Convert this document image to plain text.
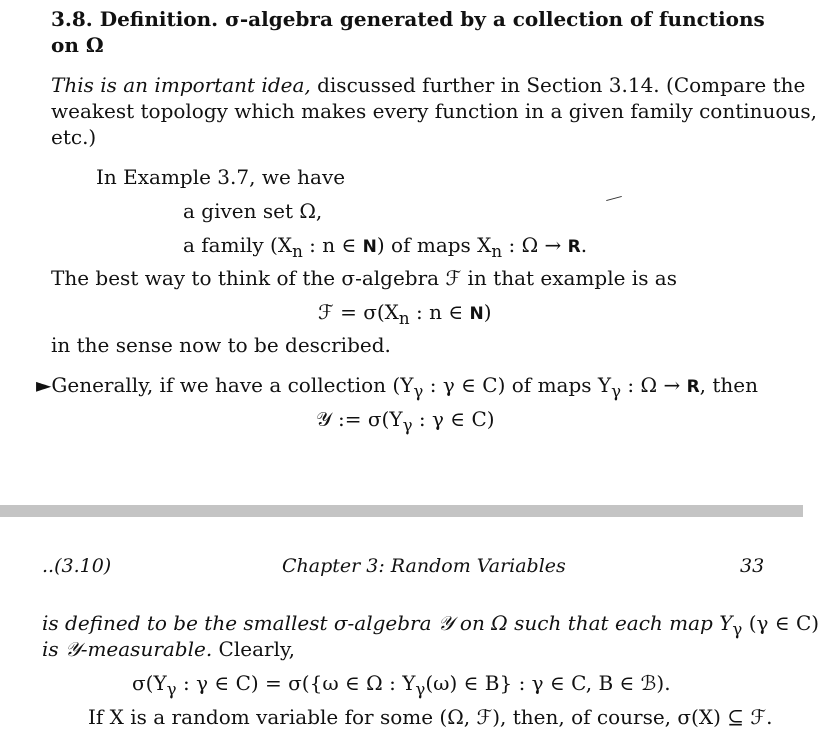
3.8. Definition. σ-algebra generated by a collection of functions
on Ω
This is an important idea, discussed further in Section 3.14. (Compare the
weakest topology which makes every function in a given family continuous,
etc.)
In Example 3.7, we have
a given set Ω,
a family ($X_n$ : n ∈ N) of maps $X_n$ : Ω → R.
The best way to think of the σ-algebra ℱ in that example is as
ℱ = $\sigma(X_n$ : n ∈ N)
in the sense now to be described.
►Generally, if we have a collection ($Y_\gamma$ : γ ∈ C) of maps $Y_\gamma$ : Ω → R, then
𝒴 := $\sigma(Y_\gamma$ : γ ∈ C)
..(3.10)	Chapter 3: Random Variables	33
is defined to be the smallest σ-algebra 𝒴 on Ω such that each map $Y_\gamma$ (γ ∈ C)
is 𝒴-measurable. Clearly,
$\sigma(Y_\gamma$ : γ ∈ C) = σ({ω ∈ Ω : $Y_\gamma(\omega)$ ∈ B} : γ ∈ C, B ∈ ℬ).
If X is a random variable for some (Ω, ℱ), then, of course, σ(X) ⊆ ℱ.
